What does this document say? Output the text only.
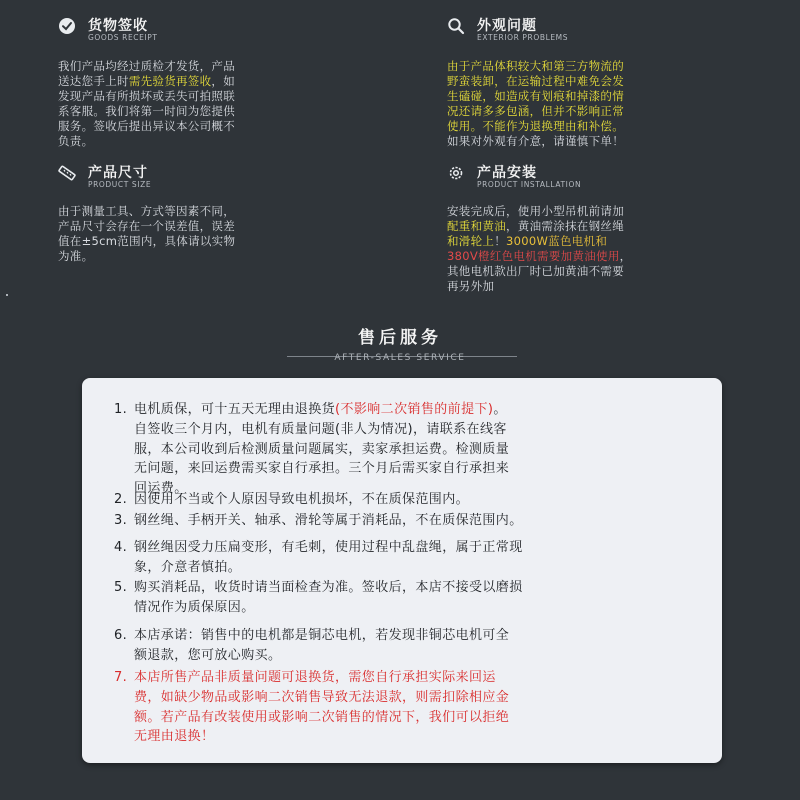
货物签收
GOODS RECEIPT
我们产品均经过质检才发货，产品
送达您手上时需先验货再签收，如
发现产品有所损坏或丢失可拍照联
系客服。我们将第一时间为您提供
服务。签收后提出异议本公司概不
负责。
外观问题
EXTERIOR PROBLEMS
由于产品体积较大和第三方物流的
野蛮装卸，在运输过程中难免会发
生磕碰，如造成有划痕和掉漆的情
况还请多多包涵，但并不影响正常
使用。不能作为退换理由和补偿。
如果对外观有介意，请谨慎下单！
产品尺寸
PRODUCT SIZE
由于测量工具、方式等因素不同，
产品尺寸会存在一个误差值，误差
值在±5cm范围内，具体请以实物
为准。
产品安装
PRODUCT INSTALLATION
安装完成后，使用小型吊机前请加
配重和黄油，黄油需涂抹在钢丝绳
和滑轮上！3000W蓝色电机和
380V橙红色电机需要加黄油使用，
其他电机款出厂时已加黄油不需要
再另外加
售后服务
AFTER-SALES SERVICE
1. 电机质保，可十五天无理由退换货(不影响二次销售的前提下)。
自签收三个月内，电机有质量问题(非人为情况)，请联系在线客
服，本公司收到后检测质量问题属实，卖家承担运费。检测质量
无问题，来回运费需买家自行承担。三个月后需买家自行承担来
回运费。
2. 因使用不当或个人原因导致电机损坏，不在质保范围内。
3. 钢丝绳、手柄开关、轴承、滑轮等属于消耗品，不在质保范围内。
4. 钢丝绳因受力压扁变形，有毛刺，使用过程中乱盘绳，属于正常现
象，介意者慎拍。
5. 购买消耗品，收货时请当面检查为准。签收后，本店不接受以磨损
情况作为质保原因。
6. 本店承诺：销售中的电机都是铜芯电机，若发现非铜芯电机可全
额退款，您可放心购买。
7. 本店所售产品非质量问题可退换货，需您自行承担实际来回运
费，如缺少物品或影响二次销售导致无法退款，则需扣除相应金
额。若产品有改装使用或影响二次销售的情况下，我们可以拒绝
无理由退换！
